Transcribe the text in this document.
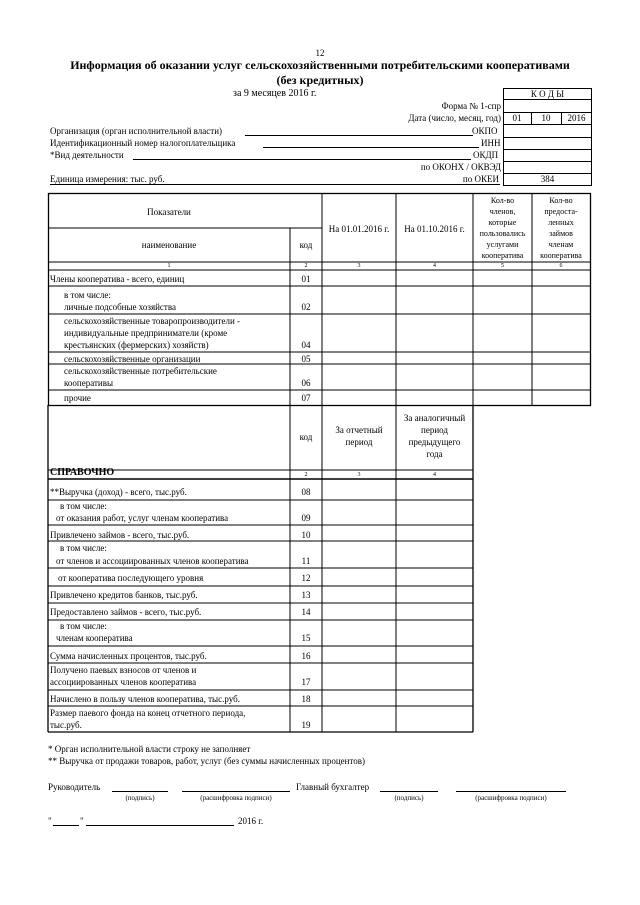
12
Информация об оказании услуг сельскохозяйственными потребительскими кооперативами
(без кредитных)
за 9 месяцев 2016 г.	К О Д Ы
Форма № 1-спр
Дата (число, месяц, год)	01	10	2016
Организация (орган исполнительной власти)	ОКПО
Идентификационный номер налогоплательщика	ИНН
*Вид деятельности	ОКДП
по ОКОНХ / ОКВЭД
Единица измерения: тыс. руб.	по ОКЕИ	384
Показатели
наименование	код
На 01.01.2016 г.	На 01.10.2016 г.
Кол-во
членов,
которые
пользовались
услугами
кооператива
Кол-во
предоста-
ленных
займов
членам
кооператива
1	2	3	4	5	6
Члены кооператива - всего, единиц	01
в том числе:
личные подсобные хозяйства	02
сельскохозяйственные товаропроизводители -
индивидуальные предприниматели (кроме
крестьянских (фермерских) хозяйств)	04
сельскохозяйственные организации	05
сельскохозяйственные потребительские
кооперативы	06
прочие	07
код
За отчетный
период
За аналогичный
период
предыдущего
года
СПРАВОЧНО	2	3	4
**Выручка (доход) - всего, тыс.руб.	08
в том числе:
от оказания работ, услуг членам кооператива	09
Привлечено займов - всего, тыс.руб.	10
в том числе:
от членов и ассоциированных членов кооператива	11
от кооператива последующего уровня	12
Привлечено кредитов банков, тыс.руб.	13
Предоставлено займов - всего, тыс.руб.	14
в том числе:
членам кооператива	15
Сумма начисленных процентов, тыс.руб.	16
Получено паевых взносов от членов и
ассоциированных членов кооператива	17
Начислено в пользу членов кооператива, тыс.руб.	18
Размер паевого фонда на конец отчетного периода,
тыс.руб.	19
* Орган исполнительной власти строку не заполняет
** Выручка от продажи товаров, работ, услуг (без суммы начисленных процентов)
Руководитель	Главный бухгалтер
(подпись)	(расшифровка подписи)	(подпись)	(расшифровка подписи)
"	"	2016 г.
